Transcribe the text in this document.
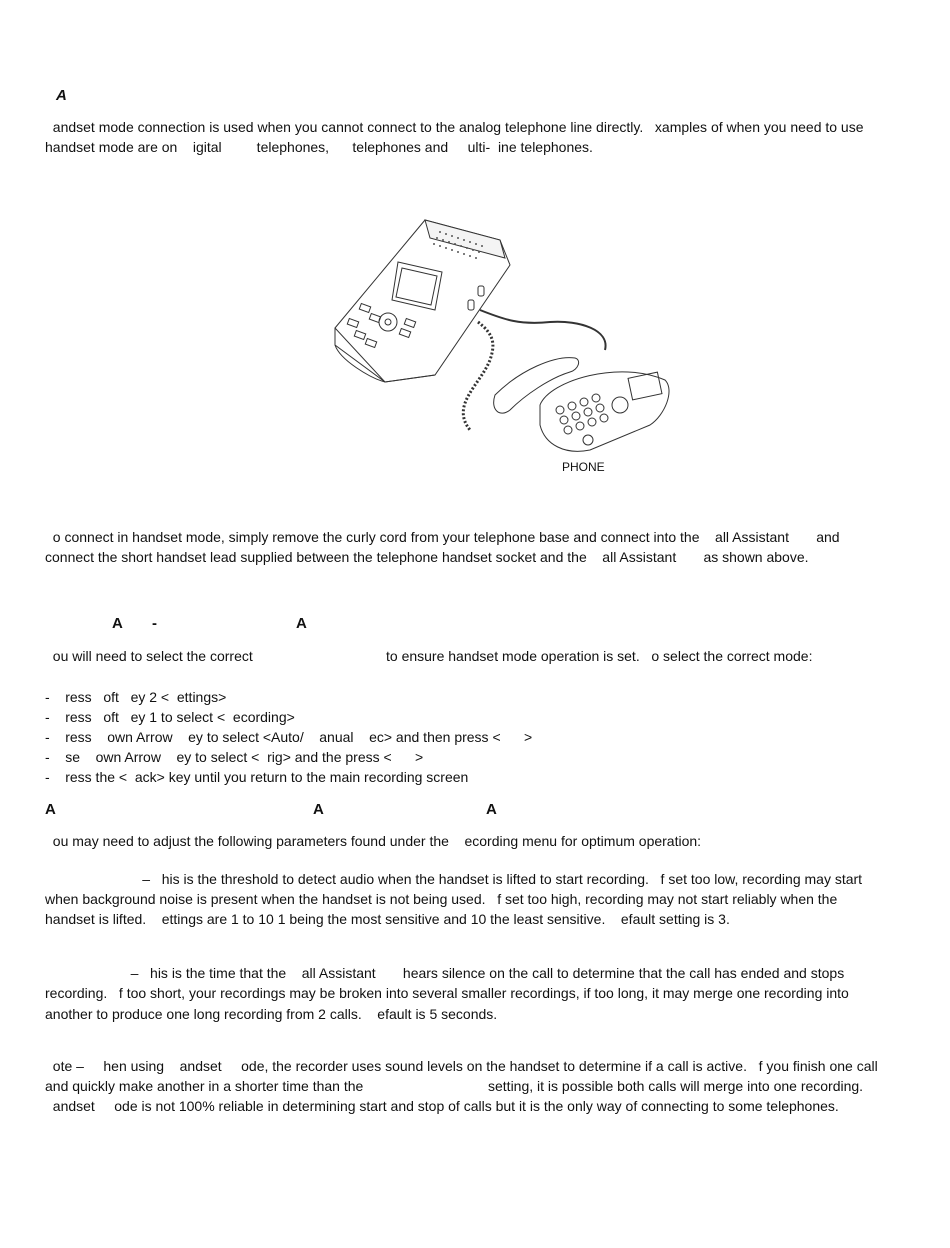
A
andset mode connection is used when you cannot connect to the analog telephone line directly.   xamples of when you need to use
handset mode are on    igital         telephones,      telephones and     ulti-  ine telephones.
PHONE
o connect in handset mode, simply remove the curly cord from your telephone base and connect into the    all Assistant       and
connect the short handset lead supplied between the telephone handset socket and the    all Assistant       as shown above.
A -	A
ou will need to select the correct	to ensure handset mode operation is set.   o select the correct mode:
-    ress   oft   ey 2 <  ettings>
-    ress   oft   ey 1 to select <  ecording>
-    ress    own Arrow    ey to select <Auto/    anual    ec> and then press <      >
-    se    own Arrow    ey to select <  rig> and the press <      >
-    ress the <  ack> key until you return to the main recording screen
A	A	A
ou may need to adjust the following parameters found under the    ecording menu for optimum operation:
–   his is the threshold to detect audio when the handset is lifted to start recording.   f set too low, recording may start
when background noise is present when the handset is not being used.   f set too high, recording may not start reliably when the
handset is lifted.    ettings are 1 to 10 1 being the most sensitive and 10 the least sensitive.    efault setting is 3.
–   his is the time that the    all Assistant       hears silence on the call to determine that the call has ended and stops
recording.   f too short, your recordings may be broken into several smaller recordings, if too long, it may merge one recording into
another to produce one long recording from 2 calls.    efault is 5 seconds.
ote –     hen using    andset     ode, the recorder uses sound levels on the handset to determine if a call is active.   f you finish one call
and quickly make another in a shorter time than the	setting, it is possible both calls will merge into one recording.
andset     ode is not 100% reliable in determining start and stop of calls but it is the only way of connecting to some telephones.
